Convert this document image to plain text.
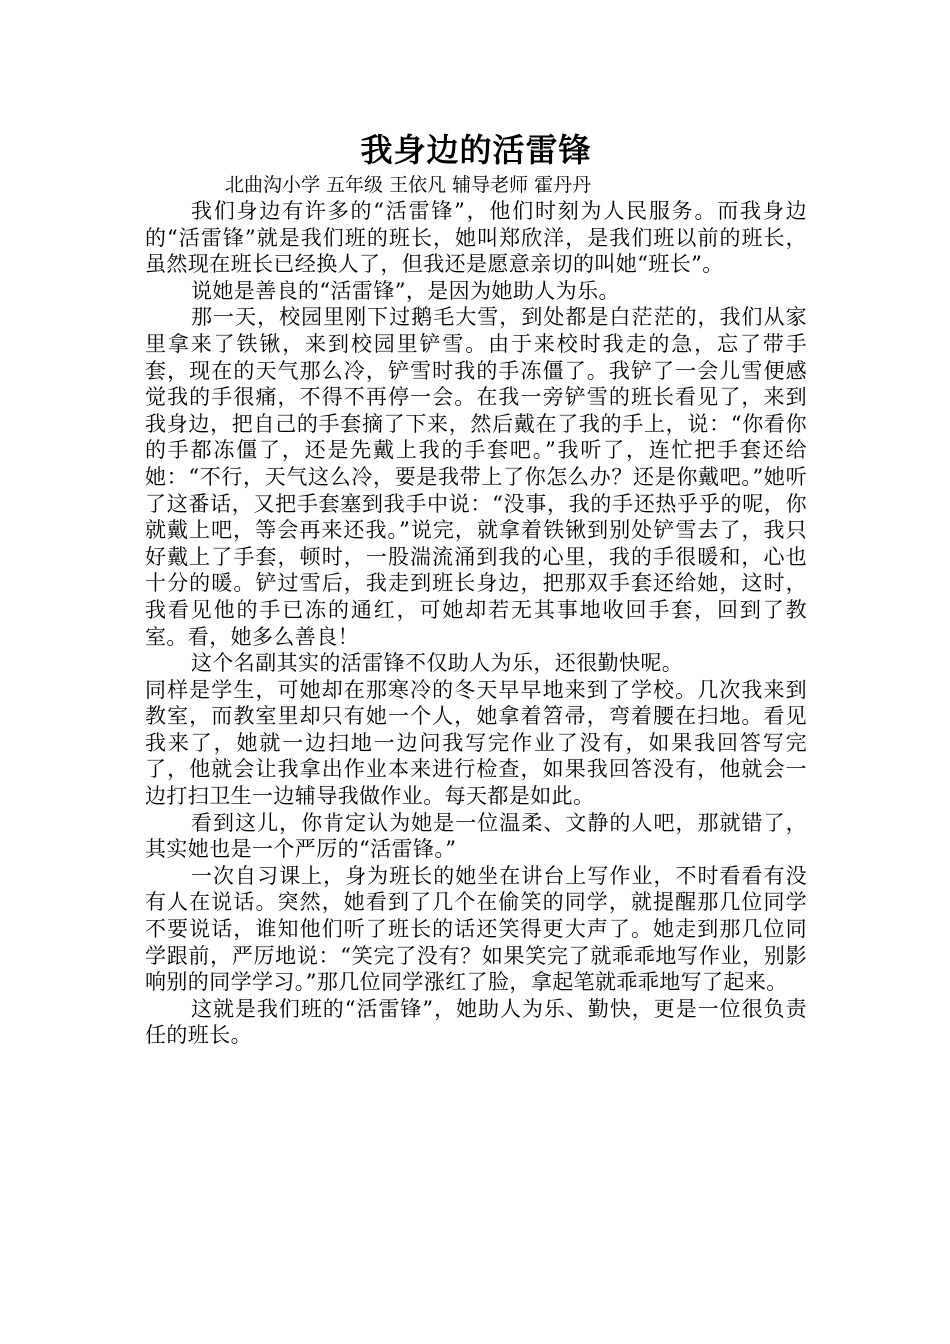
我身边的活雷锋

北曲沟小学 五年级 王依凡 辅导老师 霍丹丹

我们身边有许多的“活雷锋”，他们时刻为人民服务。而我身边的“活雷锋”就是我们班的班长，她叫郑欣洋，是我们班以前的班长，虽然现在班长已经换人了，但我还是愿意亲切的叫她“班长”。

说她是善良的“活雷锋”，是因为她助人为乐。

那一天，校园里刚下过鹅毛大雪，到处都是白茫茫的，我们从家里拿来了铁锹，来到校园里铲雪。由于来校时我走的急，忘了带手套，现在的天气那么冷，铲雪时我的手冻僵了。我铲了一会儿雪便感觉我的手很痛，不得不再停一会。在我一旁铲雪的班长看见了，来到我身边，把自己的手套摘了下来，然后戴在了我的手上，说：“你看你的手都冻僵了，还是先戴上我的手套吧。”我听了，连忙把手套还给她：“不行，天气这么冷，要是我带上了你怎么办？还是你戴吧。”她听了这番话，又把手套塞到我手中说：“没事，我的手还热乎乎的呢，你就戴上吧，等会再来还我。”说完，就拿着铁锹到别处铲雪去了，我只好戴上了手套，顿时，一股湍流涌到我的心里，我的手很暖和，心也十分的暖。铲过雪后，我走到班长身边，把那双手套还给她，这时，我看见他的手已冻的通红，可她却若无其事地收回手套，回到了教室。看，她多么善良！

这个名副其实的活雷锋不仅助人为乐，还很勤快呢。

同样是学生，可她却在那寒冷的冬天早早地来到了学校。几次我来到教室，而教室里却只有她一个人，她拿着笤帚，弯着腰在扫地。看见我来了，她就一边扫地一边问我写完作业了没有，如果我回答写完了，他就会让我拿出作业本来进行检查，如果我回答没有，他就会一边打扫卫生一边辅导我做作业。每天都是如此。

看到这儿，你肯定认为她是一位温柔、文静的人吧，那就错了，其实她也是一个严厉的“活雷锋。”

一次自习课上，身为班长的她坐在讲台上写作业，不时看看有没有人在说话。突然，她看到了几个在偷笑的同学，就提醒那几位同学不要说话，谁知他们听了班长的话还笑得更大声了。她走到那几位同学跟前，严厉地说：“笑完了没有？如果笑完了就乖乖地写作业，别影响别的同学学习。”那几位同学涨红了脸，拿起笔就乖乖地写了起来。

这就是我们班的“活雷锋”，她助人为乐、勤快，更是一位很负责任的班长。
